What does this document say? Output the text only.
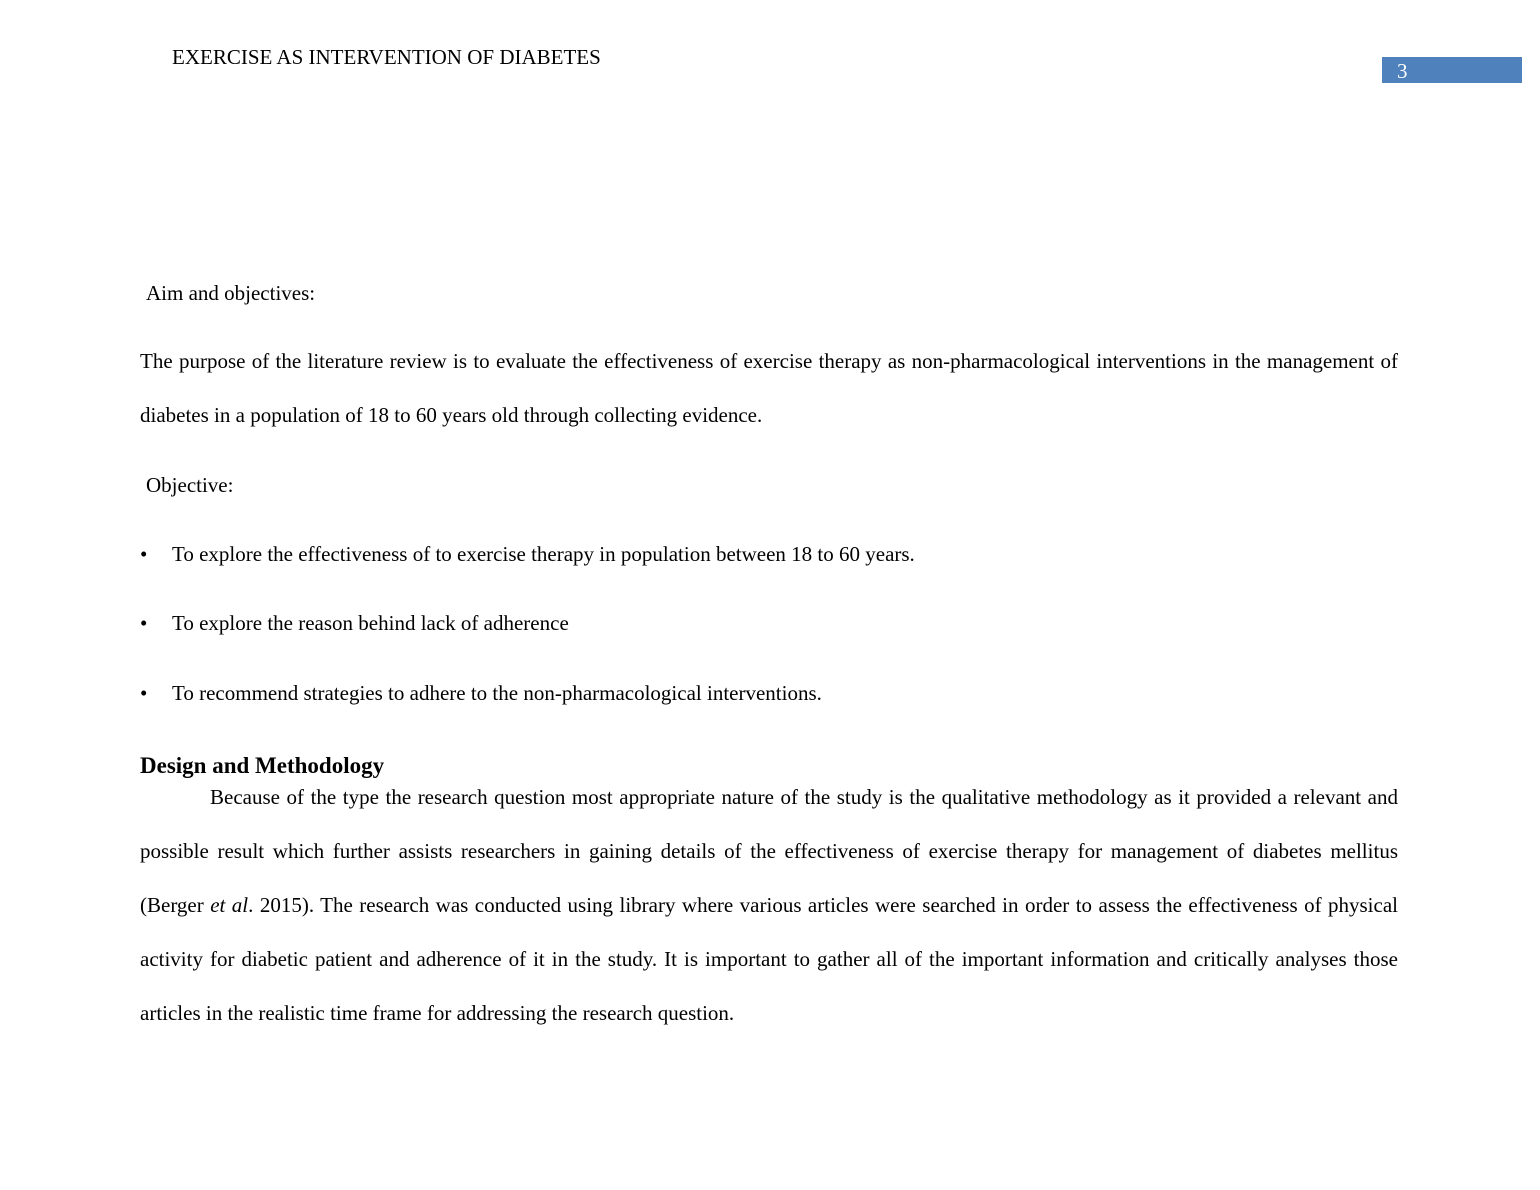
EXERCISE AS INTERVENTION OF DIABETES
3
Aim and objectives:

The purpose of the literature review is to evaluate the effectiveness of exercise therapy as non-pharmacological interventions in the management of diabetes in a population of 18 to 60 years old through collecting evidence.

Objective:
• To explore the effectiveness of to exercise therapy in population between 18 to 60 years.
• To explore the reason behind lack of adherence
• To recommend strategies to adhere to the non-pharmacological interventions.
Design and Methodology

Because of the type the research question most appropriate nature of the study is the qualitative methodology as it provided a relevant and possible result which further assists researchers in gaining details of the effectiveness of exercise therapy for management of diabetes mellitus (Berger et al. 2015). The research was conducted using library where various articles were searched in order to assess the effectiveness of physical activity for diabetic patient and adherence of it in the study. It is important to gather all of the important information and critically analyses those articles in the realistic time frame for addressing the research question.
